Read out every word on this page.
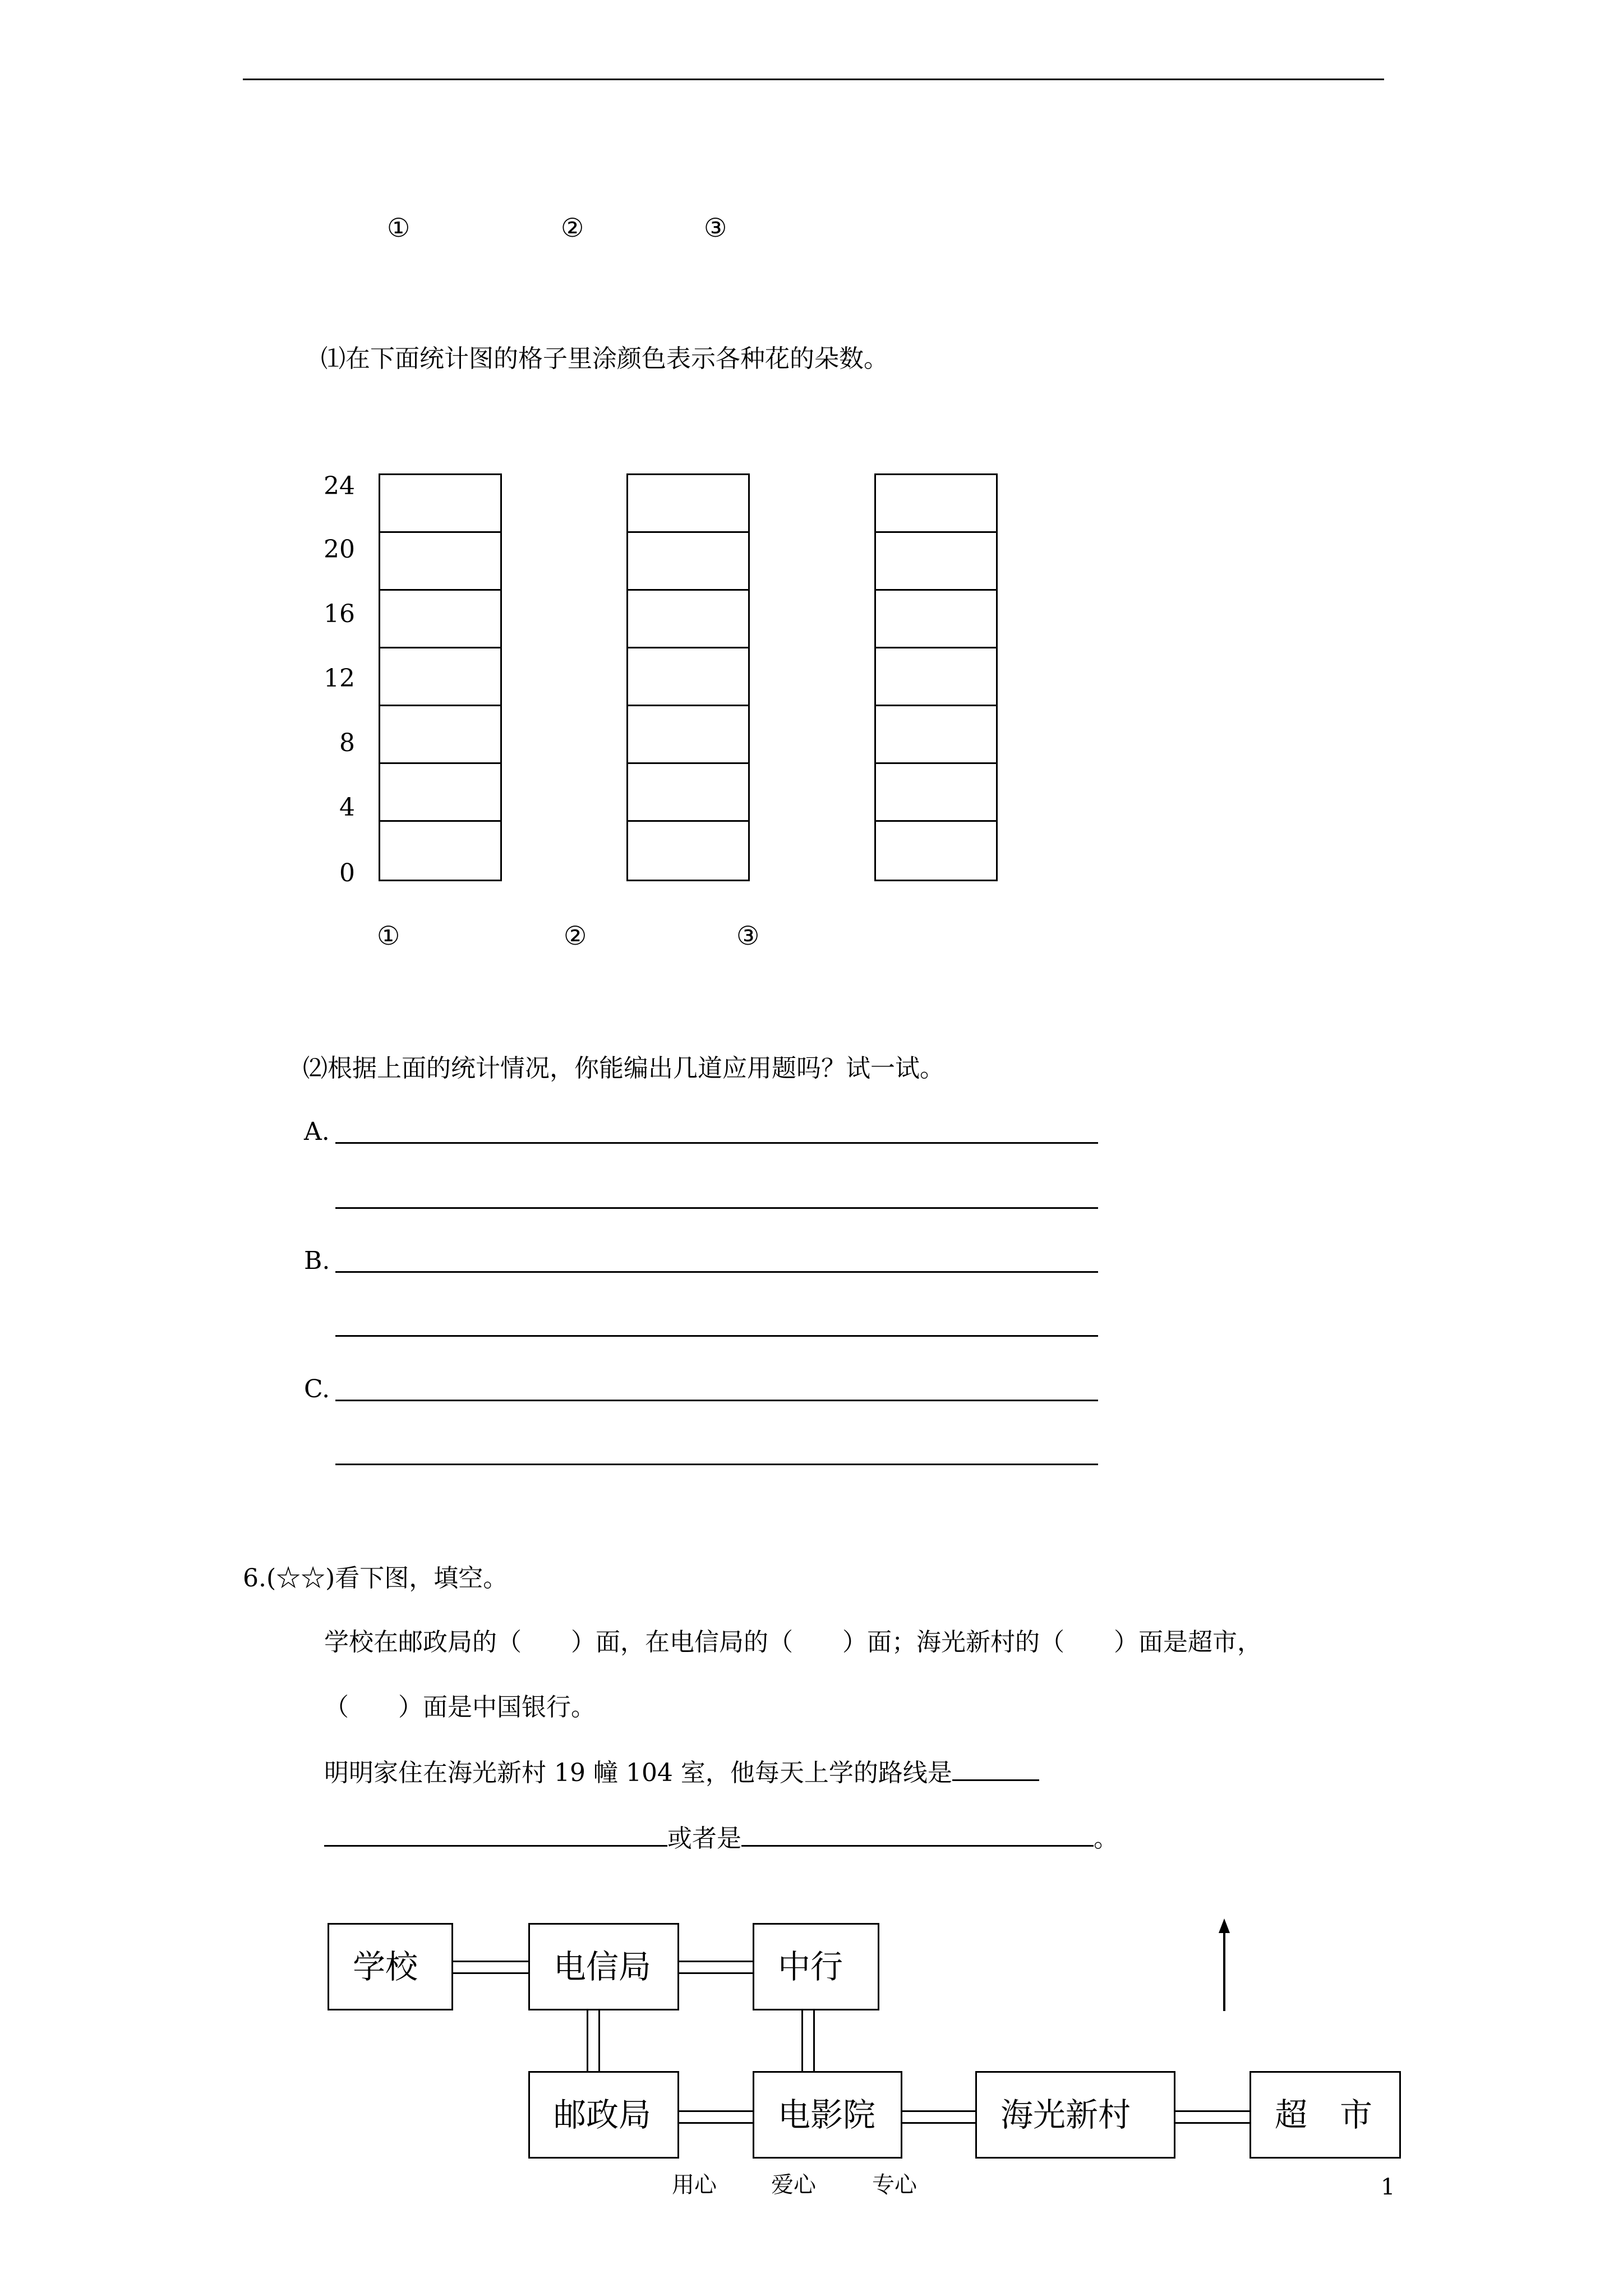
①	②	③
⑴在下面统计图的格子里涂颜色表示各种花的朵数。
24
20
16
12
8
4
0
①	②	③
⑵根据上面的统计情况，你能编出几道应用题吗？试一试。
A.
B.
C.
6.(☆☆)看下图，填空。
学校在邮政局的（　　）面，在电信局的（　　）面；海光新村的（　　）面是超市，
（　　）面是中国银行。
明明家住在海光新村 19 幢 104 室，他每天上学的路线是
或者是	。
学校	电信局	中行
邮政局	电影院	海光新村	超　市
用心 爱心	专心	1
